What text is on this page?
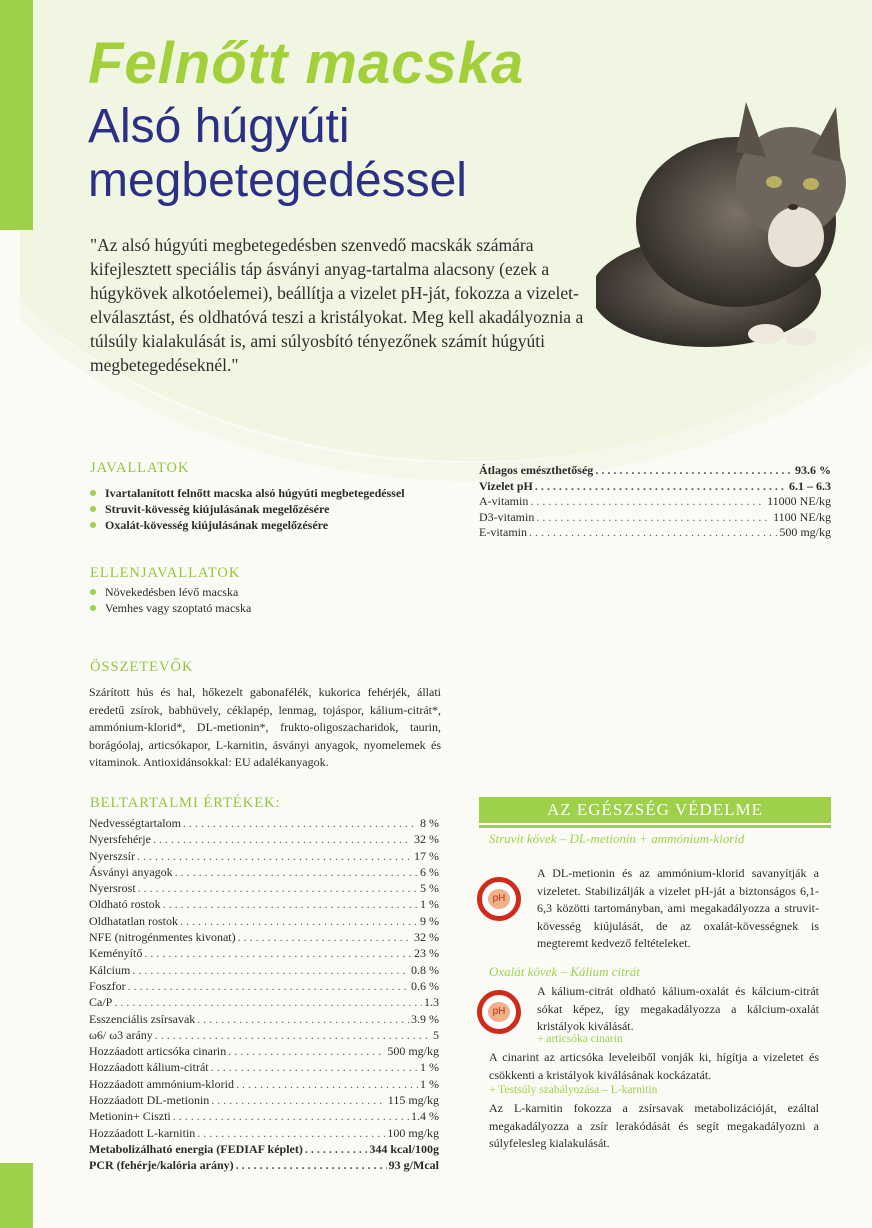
Felnőtt macska
Alsó húgyúti
megbetegedéssel
"Az alsó húgyúti megbetegedésben szenvedő macskák számára kifejlesztett speciális táp ásványi anyag-tartalma alacsony (ezek a húgykövek alkotóelemei), beállítja a vizelet pH-ját, fokozza a vizelet-elválasztást, és oldhatóvá teszi a kristályokat. Meg kell akadályoznia a túlsúly kialakulását is, ami súlyosbító tényezőnek számít húgyúti megbetegedéseknél."
Átlagos emészthetőség . . .	93.6 %
Vizelet pH . . .	6.1 – 6.3
A-vitamin . . .	11000 NE/kg
D3-vitamin . . .	1100 NE/kg
E-vitamin . . .	500 mg/kg
JAVALLATOK
Ivartalanított felnőtt macska alsó húgyúti megbetegedéssel
Struvit-kövesség kiújulásának megelőzésére
Oxalát-kövesség kiújulásának megelőzésére
ELLENJAVALLATOK
Növekedésben lévő macska
Vemhes vagy szoptató macska
ÖSSZETEVŐK
Szárított hús és hal, hőkezelt gabonafélék, kukorica fehérjék, állati eredetű zsírok, babhüvely, céklapép, lenmag, tojáspor, kálium-citrát*, ammónium-klorid*, DL-metionin*, frukto-oligoszacharidok, taurin, borágóolaj, articsókapor, L-karnitin, ásványi anyagok, nyomelemek és vitaminok. Antioxidánsokkal: EU adalékanyagok.
BELTARTALMI ÉRTÉKEK:
Nedvességtartalom . . .	8 %
Nyersfehérje . . .	32 %
Nyerszsír . . .	17 %
Ásványi anyagok . . .	6 %
Nyersrost . . .	5 %
Oldható rostok . . .	1 %
Oldhatatlan rostok . . .	9 %
NFE (nitrogénmentes kivonat) . . .	32 %
Keményítő . . .	23 %
Kálcium . . .	0.8 %
Foszfor . . .	0.6 %
Ca/P . . .	1.3
Esszenciális zsírsavak . . .	3.9 %
ω6/ ω3 arány . . .	5
Hozzáadott articsóka cinarin . . .	500 mg/kg
Hozzáadott kálium-citrát . . .	1 %
Hozzáadott ammónium-klorid . . .	1 %
Hozzáadott DL-metionin . . .	115 mg/kg
Metionin+ Ciszti . . .	1.4 %
Hozzáadott L-karnitin . . .	100 mg/kg
Metabolizálható energia (FEDIAF képlet) . . .	344 kcal/100g
PCR (fehérje/kalória arány) . . .	93 g/Mcal
AZ EGÉSZSÉG VÉDELME
Struvit kövek – DL-metionin + ammónium-klorid
pH
A DL-metionin és az ammónium-klorid savanyítják a vizeletet. Stabilizálják a vizelet pH-ját a biztonságos 6,1-6,3 közötti tartományban, ami megakadályozza a struvit-kövesség kiújulását, de az oxalát-kövességnek is megteremt kedvező feltételeket.
Oxalát kövek – Kálium citrát
pH
A kálium-citrát oldható kálium-oxalát és kálcium-citrát sókat képez, így megakadályozza a kálcium-oxalát kristályok kiválását.
+ articsóka cinarin
A cinarint az articsóka leveleiből vonják ki, hígítja a vizeletet és csökkenti a kristályok kiválásának kockázatát.
+ Testsúly szabályozása – L-karnitin
Az L-karnitin fokozza a zsírsavak metabolizációját, ezáltal megakadályozza a zsír lerakódását és segít megakadályozni a súlyfelesleg kialakulását.
